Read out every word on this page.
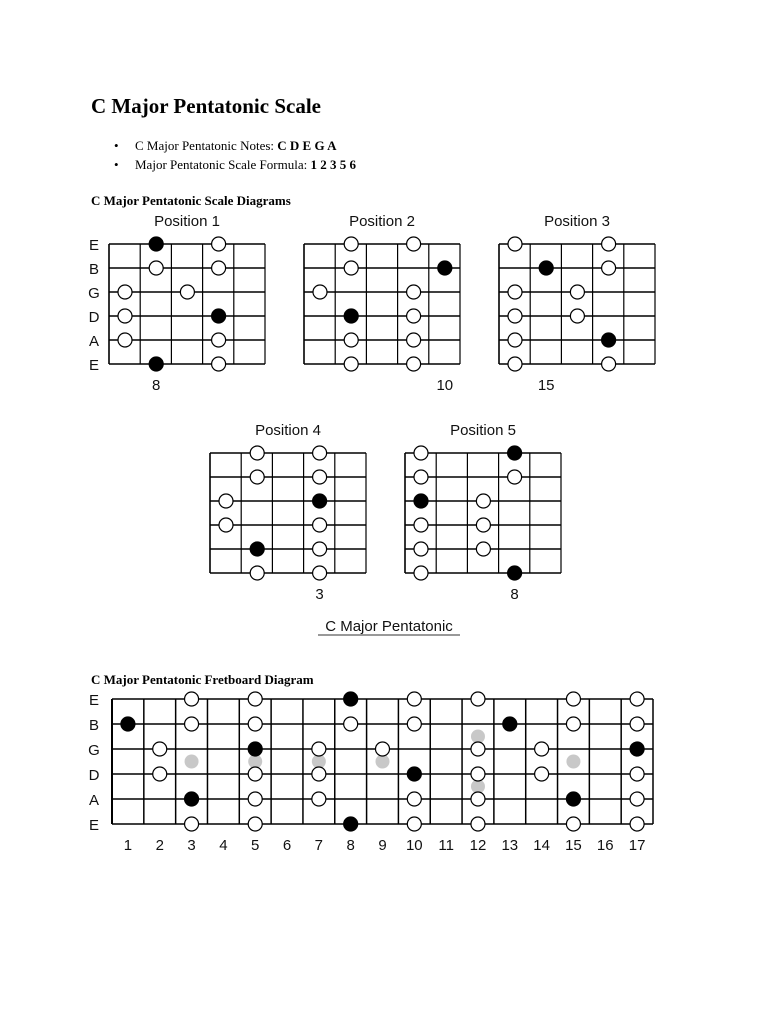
C Major Pentatonic Scale
• C Major Pentatonic Notes: C D E G A
• Major Pentatonic Scale Formula: 1 2 3 5 6
C Major Pentatonic Scale Diagrams
C Major Pentatonic Fretboard Diagram
Position 1
8
Position 2
10
Position 3
15
Position 4
3
Position 5
8
E
B
G
D
A
E
C Major Pentatonic
E
B
G
D
A
E
1 2 3 4 5 6 7 8 9 10 11 12 13 14 15 16 17
